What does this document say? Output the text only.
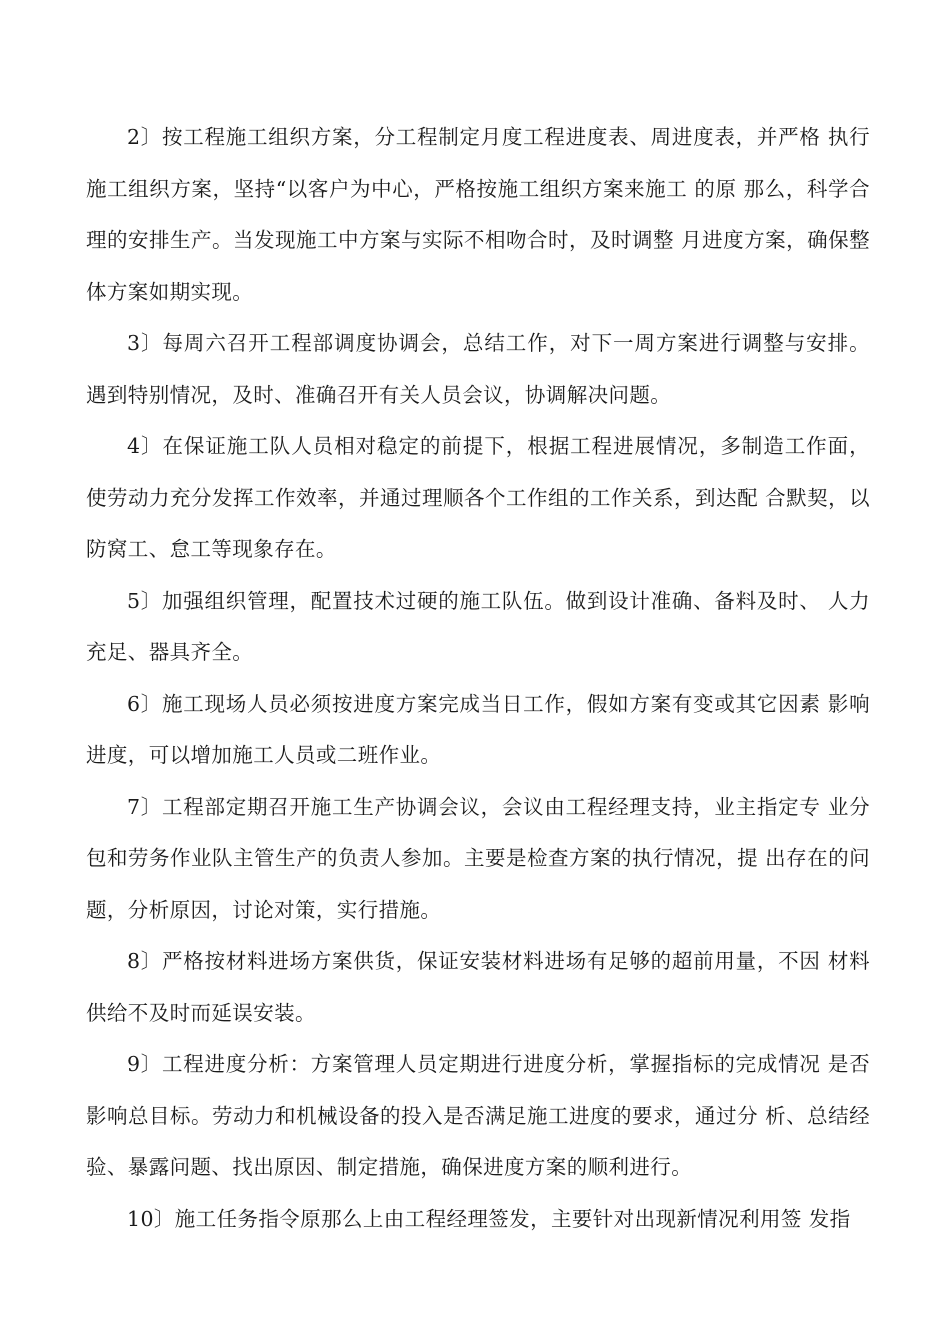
2〕按工程施工组织方案，分工程制定月度工程进度表、周进度表，并严格 执行施工组织方案，坚持“以客户为中心，严格按施工组织方案来施工 的原 那么，科学合理的安排生产。当发现施工中方案与实际不相吻合时，及时调整 月进度方案，确保整体方案如期实现。

3〕每周六召开工程部调度协调会，总结工作，对下一周方案进行调整与安排。遇到特别情况，及时、准确召开有关人员会议，协调解决问题。

4〕在保证施工队人员相对稳定的前提下，根据工程进展情况，多制造工作面，使劳动力充分发挥工作效率，并通过理顺各个工作组的工作关系，到达配 合默契，以防窝工、怠工等现象存在。

5〕加强组织管理，配置技术过硬的施工队伍。做到设计准确、备料及时、 人力充足、器具齐全。

6〕施工现场人员必须按进度方案完成当日工作，假如方案有变或其它因素 影响进度，可以增加施工人员或二班作业。

7〕工程部定期召开施工生产协调会议，会议由工程经理支持，业主指定专 业分包和劳务作业队主管生产的负责人参加。主要是检查方案的执行情况，提 出存在的问题，分析原因，讨论对策，实行措施。

8〕严格按材料进场方案供货，保证安装材料进场有足够的超前用量，不因 材料供给不及时而延误安装。

9〕工程进度分析：方案管理人员定期进行进度分析，掌握指标的完成情况 是否影响总目标。劳动力和机械设备的投入是否满足施工进度的要求，通过分 析、总结经验、暴露问题、找出原因、制定措施，确保进度方案的顺利进行。

10〕施工任务指令原那么上由工程经理签发，主要针对出现新情况利用签 发指
